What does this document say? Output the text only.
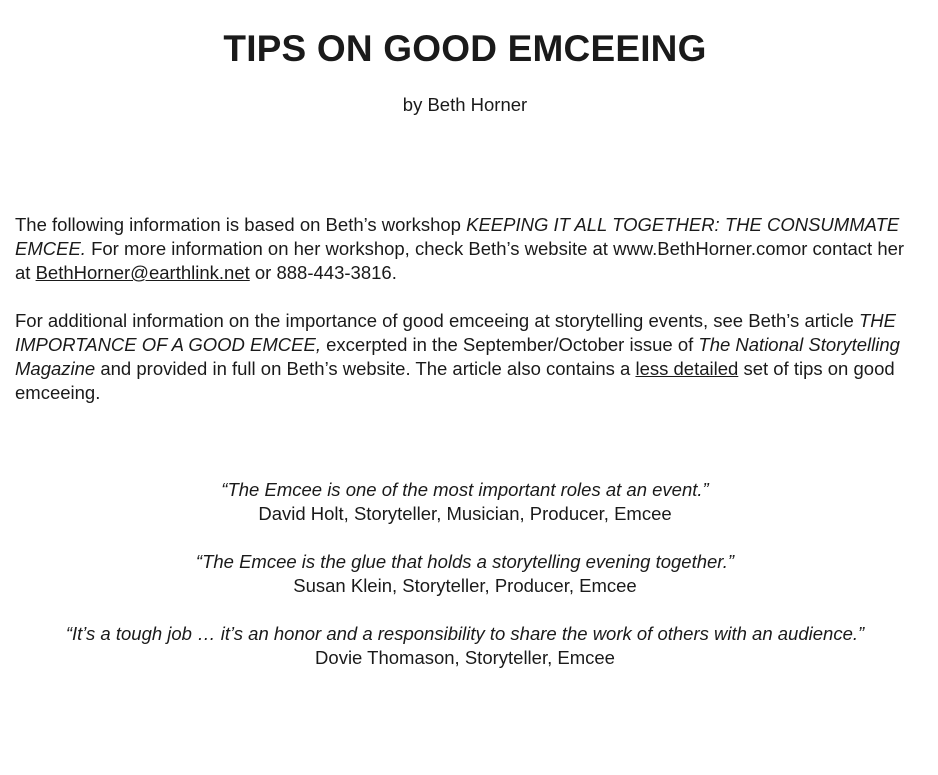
TIPS ON GOOD EMCEEING
by Beth Horner

The following information is based on Beth’s workshop KEEPING IT ALL TOGETHER: THE CONSUMMATE EMCEE. For more information on her workshop, check Beth’s website at www.BethHorner.comor contact her at BethHorner@earthlink.net or 888-443-3816.

For additional information on the importance of good emceeing at storytelling events, see Beth’s article THE IMPORTANCE OF A GOOD EMCEE, excerpted in the September/October issue of The National Storytelling Magazine and provided in full on Beth’s website. The article also contains a less detailed set of tips on good emceeing.

“The Emcee is one of the most important roles at an event.”
David Holt, Storyteller, Musician, Producer, Emcee
“The Emcee is the glue that holds a storytelling evening together.”
Susan Klein, Storyteller, Producer, Emcee
“It’s a tough job … it’s an honor and a responsibility to share the work of others with an audience.”
Dovie Thomason, Storyteller, Emcee
